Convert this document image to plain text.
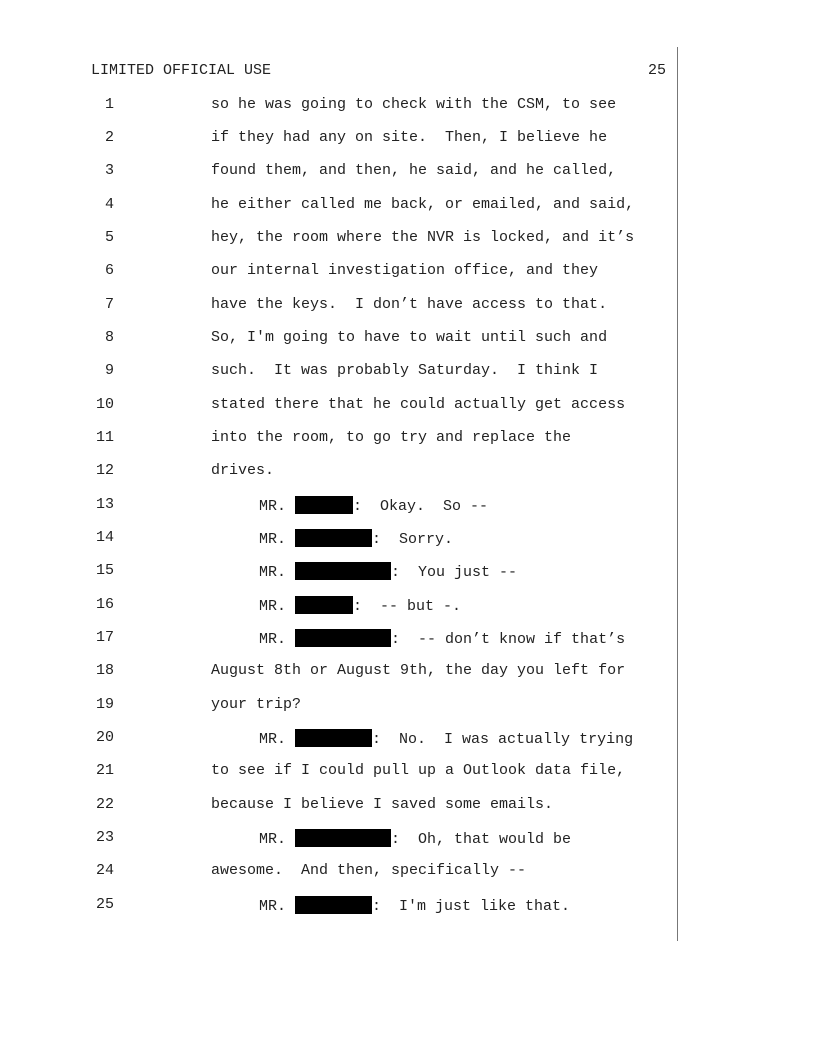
LIMITED OFFICIAL USE	25
1	so he was going to check with the CSM, to see
2	if they had any on site.  Then, I believe he
3	found them, and then, he said, and he called,
4	he either called me back, or emailed, and said,
5	hey, the room where the NVR is locked, and it’s
6	our internal investigation office, and they
7	have the keys.  I don’t have access to that.
8	So, I'm going to have to wait until such and
9	such.  It was probably Saturday.  I think I
10	stated there that he could actually get access
11	into the room, to go try and replace the
12	drives.
13	MR.	:  Okay.  So --
14	MR.	:  Sorry.
15	MR.	:  You just --
16	MR.	:  -- but -.
17	MR.	:  -- don’t know if that’s
18	August 8th or August 9th, the day you left for
19	your trip?
20	MR.	:  No.  I was actually trying
21	to see if I could pull up a Outlook data file,
22	because I believe I saved some emails.
23	MR.	:  Oh, that would be
24	awesome.  And then, specifically --
25	MR.	:  I'm just like that.
